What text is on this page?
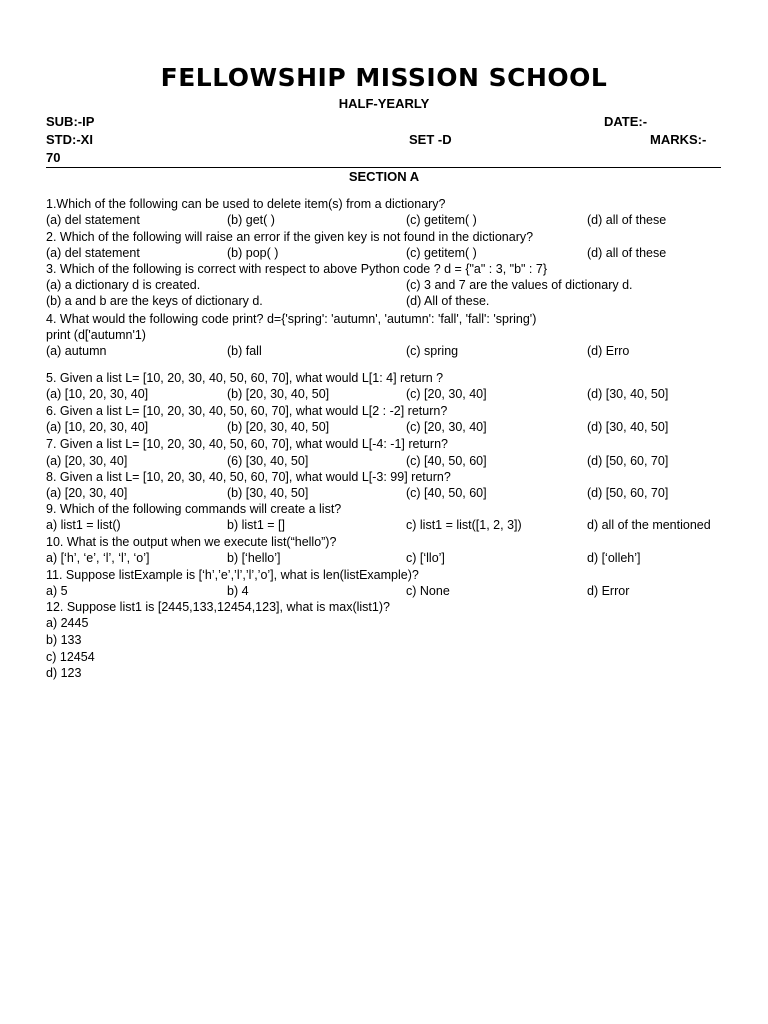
FELLOWSHIP MISSION SCHOOL
HALF-YEARLY
SUB:-IP	DATE:-
STD:-XI	SET -D	MARKS:-
70
SECTION A
1.Which of the following can be used to delete item(s) from a dictionary?
(a) del statement	(b) get( )	(c) getitem( )	(d) all of these
2. Which of the following will raise an error if the given key is not found in the dictionary?
(a) del statement	(b) pop( )	(c) getitem( )	(d) all of these
3. Which of the following is correct with respect to above Python code ? d = {"a" : 3, "b" : 7}
(a) a dictionary d is created.	(c) 3 and 7 are the values of dictionary d.
(b) a and b are the keys of dictionary d.	(d) All of these.
4. What would the following code print? d={'spring': 'autumn', 'autumn': 'fall', 'fall': 'spring')
print (d['autumn'1)
(a) autumn	(b) fall	(c) spring	(d) Erro
5. Given a list L= [10, 20, 30, 40, 50, 60, 70], what would L[1: 4] return ?
(a) [10, 20, 30, 40]	(b) [20, 30, 40, 50]	(c) [20, 30, 40]	(d) [30, 40, 50]
6. Given a list L= [10, 20, 30, 40, 50, 60, 70], what would L[2 : -2] return?
(a) [10, 20, 30, 40]	(b) [20, 30, 40, 50]	(c) [20, 30, 40]	(d) [30, 40, 50]
7. Given a list L= [10, 20, 30, 40, 50, 60, 70], what would L[-4: -1] return?
(a) [20, 30, 40]	(6) [30, 40, 50]	(c) [40, 50, 60]	(d) [50, 60, 70]
8. Given a list L= [10, 20, 30, 40, 50, 60, 70], what would L[-3: 99] return?
(a) [20, 30, 40]	(b) [30, 40, 50]	(c) [40, 50, 60]	(d) [50, 60, 70]
9. Which of the following commands will create a list?
a) list1 = list()	b) list1 = []	c) list1 = list([1, 2, 3])	d) all of the mentioned
10. What is the output when we execute list(“hello”)?
a) [‘h’, ‘e’, ‘l’, ‘l’, ‘o’]	b) [‘hello’]	c) [‘llo’]	d) [‘olleh’]
11. Suppose listExample is [‘h’,’e’,’l’,’l’,’o’], what is len(listExample)?
a) 5	b) 4	c) None	d) Error
12. Suppose list1 is [2445,133,12454,123], what is max(list1)?
a) 2445
b) 133
c) 12454
d) 123
